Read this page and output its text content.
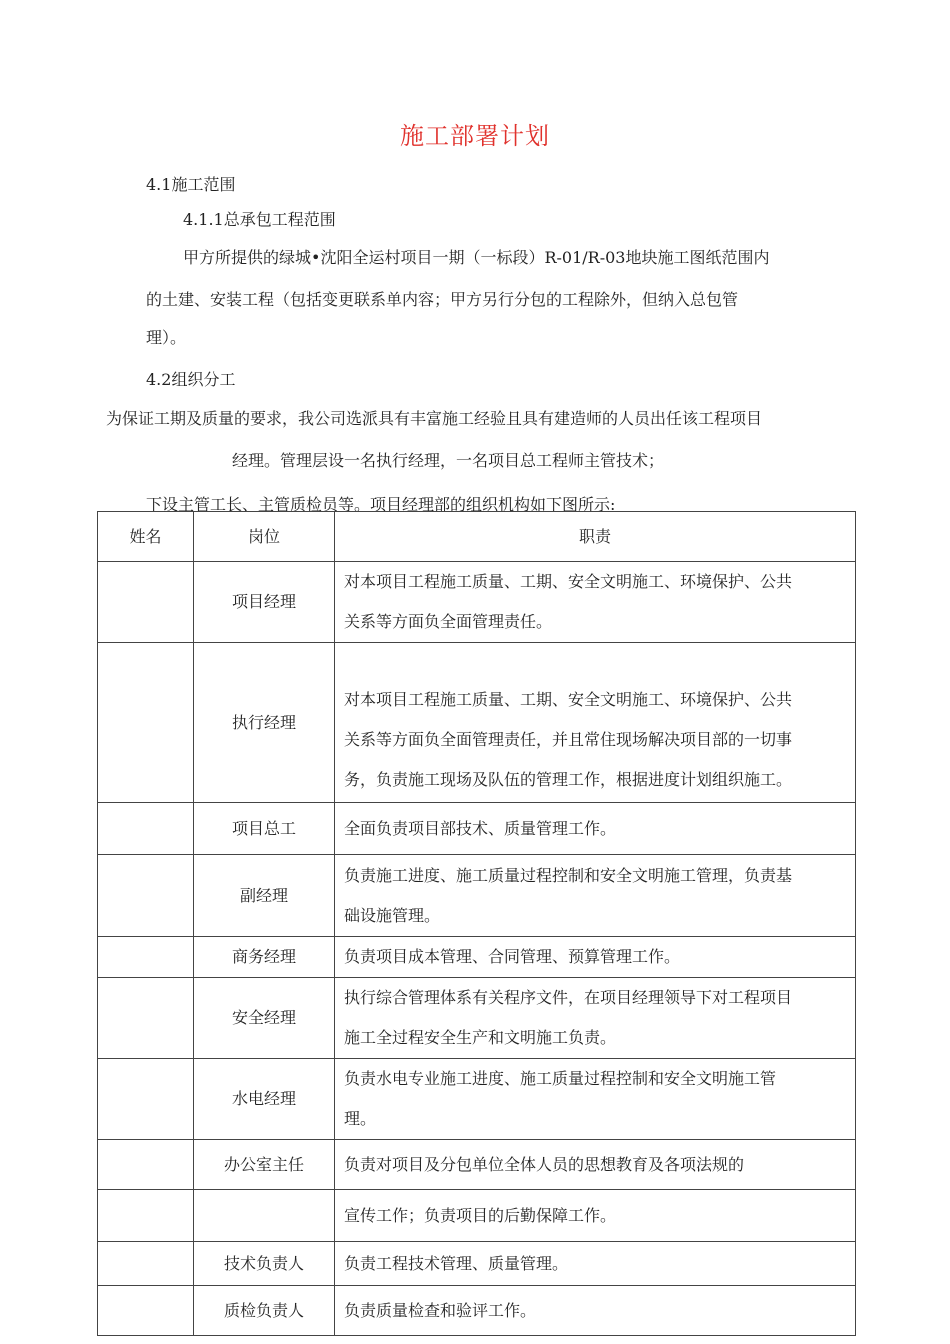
施工部署计划
4.1施工范围
4.1.1总承包工程范围
甲方所提供的绿城•沈阳全运村项目一期（一标段）R-01/R-03地块施工图纸范围内
的土建、安装工程（包括变更联系单内容；甲方另行分包的工程除外，但纳入总包管
理）。
4.2组织分工
为保证工期及质量的要求，我公司选派具有丰富施工经验且具有建造师的人员出任该工程项目
经理。管理层设一名执行经理，一名项目总工程师主管技术；
下设主管工长、主管质检员等。项目经理部的组织机构如下图所示:
姓名	岗位	职责
	项目经理	对本项目工程施工质量、工期、安全文明施工、环境保护、公共
关系等方面负全面管理责任。

	执行经理	对本项目工程施工质量、工期、安全文明施工、环境保护、公共
关系等方面负全面管理责任，并且常住现场解决项目部的一切事
务，负责施工现场及队伍的管理工作，根据进度计划组织施工。

	项目总工	全面负责项目部技术、质量管理工作。

	副经理	负责施工进度、施工质量过程控制和安全文明施工管理，负责基
础设施管理。

	商务经理	负责项目成本管理、合同管理、预算管理工作。

	安全经理	执行综合管理体系有关程序文件，在项目经理领导下对工程项目
施工全过程安全生产和文明施工负责。

	水电经理	负责水电专业施工进度、施工质量过程控制和安全文明施工管
理。

	办公室主任	负责对项目及分包单位全体人员的思想教育及各项法规的

		宣传工作；负责项目的后勤保障工作。

	技术负责人	负责工程技术管理、质量管理。

	质检负责人	负责质量检查和验评工作。
